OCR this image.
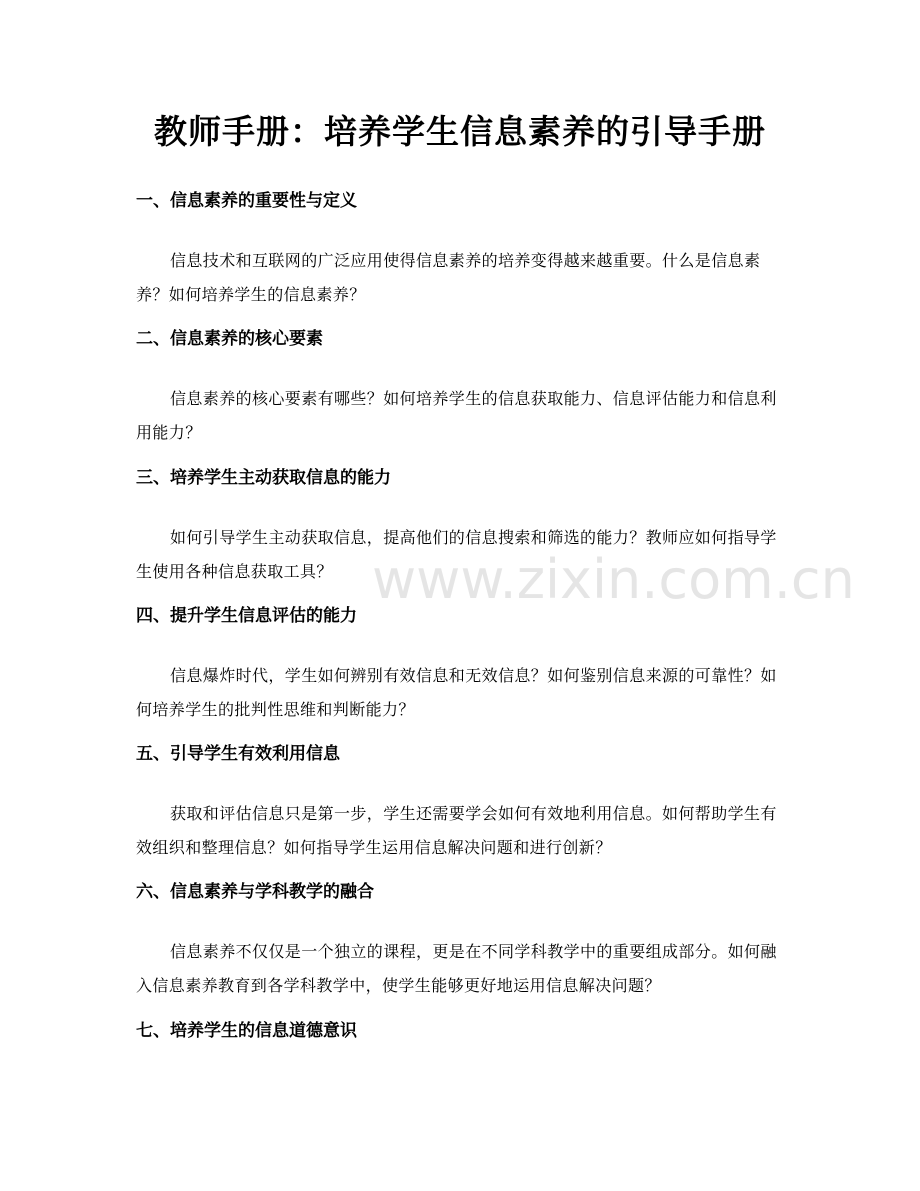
教师手册：培养学生信息素养的引导手册
一、信息素养的重要性与定义

信息技术和互联网的广泛应用使得信息素养的培养变得越来越重要。什么是信息素养？如何培养学生的信息素养？

二、信息素养的核心要素

信息素养的核心要素有哪些？如何培养学生的信息获取能力、信息评估能力和信息利用能力？

三、培养学生主动获取信息的能力

如何引导学生主动获取信息，提高他们的信息搜索和筛选的能力？教师应如何指导学生使用各种信息获取工具？

四、提升学生信息评估的能力

信息爆炸时代，学生如何辨别有效信息和无效信息？如何鉴别信息来源的可靠性？如何培养学生的批判性思维和判断能力？

五、引导学生有效利用信息

获取和评估信息只是第一步，学生还需要学会如何有效地利用信息。如何帮助学生有效组织和整理信息？如何指导学生运用信息解决问题和进行创新？

六、信息素养与学科教学的融合

信息素养不仅仅是一个独立的课程，更是在不同学科教学中的重要组成部分。如何融入信息素养教育到各学科教学中，使学生能够更好地运用信息解决问题？

七、培养学生的信息道德意识
www.zixin.com.cn
